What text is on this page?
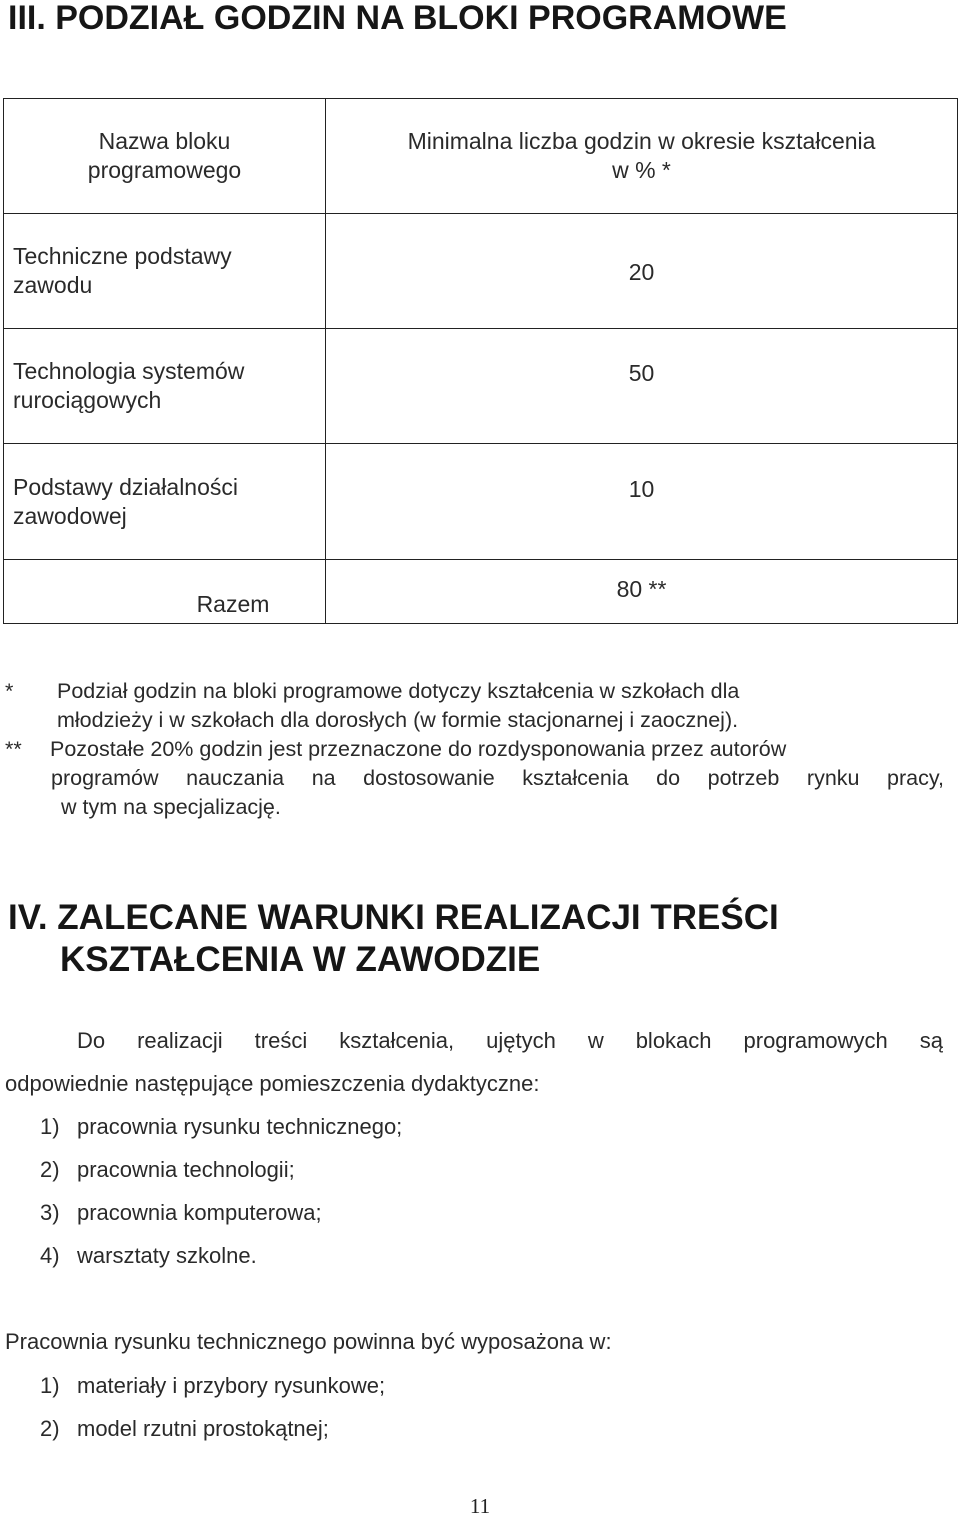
III. PODZIAŁ GODZIN NA BLOKI PROGRAMOWE
Nazwa bloku
programowego
Minimalna liczba godzin w okresie kształcenia
w % *
Techniczne podstawy
zawodu	20
Technologia systemów
rurociągowych
50
Podstawy działalności
zawodowej
10
Razem
80 **
* Podział godzin na bloki programowe dotyczy kształcenia w szkołach dla
młodzieży i w szkołach dla dorosłych (w formie stacjonarnej i zaocznej).
** Pozostałe 20% godzin jest przeznaczone do rozdysponowania przez autorów
programów nauczania na dostosowanie kształcenia do potrzeb rynku pracy,
w tym na specjalizację.
IV. ZALECANE WARUNKI REALIZACJI TREŚCI
KSZTAŁCENIA W ZAWODZIE
Do realizacji treści kształcenia, ujętych w blokach programowych są
odpowiednie następujące pomieszczenia dydaktyczne:
1) pracownia rysunku technicznego;
2) pracownia technologii;
3) pracownia komputerowa;
4) warsztaty szkolne.
Pracownia rysunku technicznego powinna być wyposażona w:
1) materiały i przybory rysunkowe;
2) model rzutni prostokątnej;
11
